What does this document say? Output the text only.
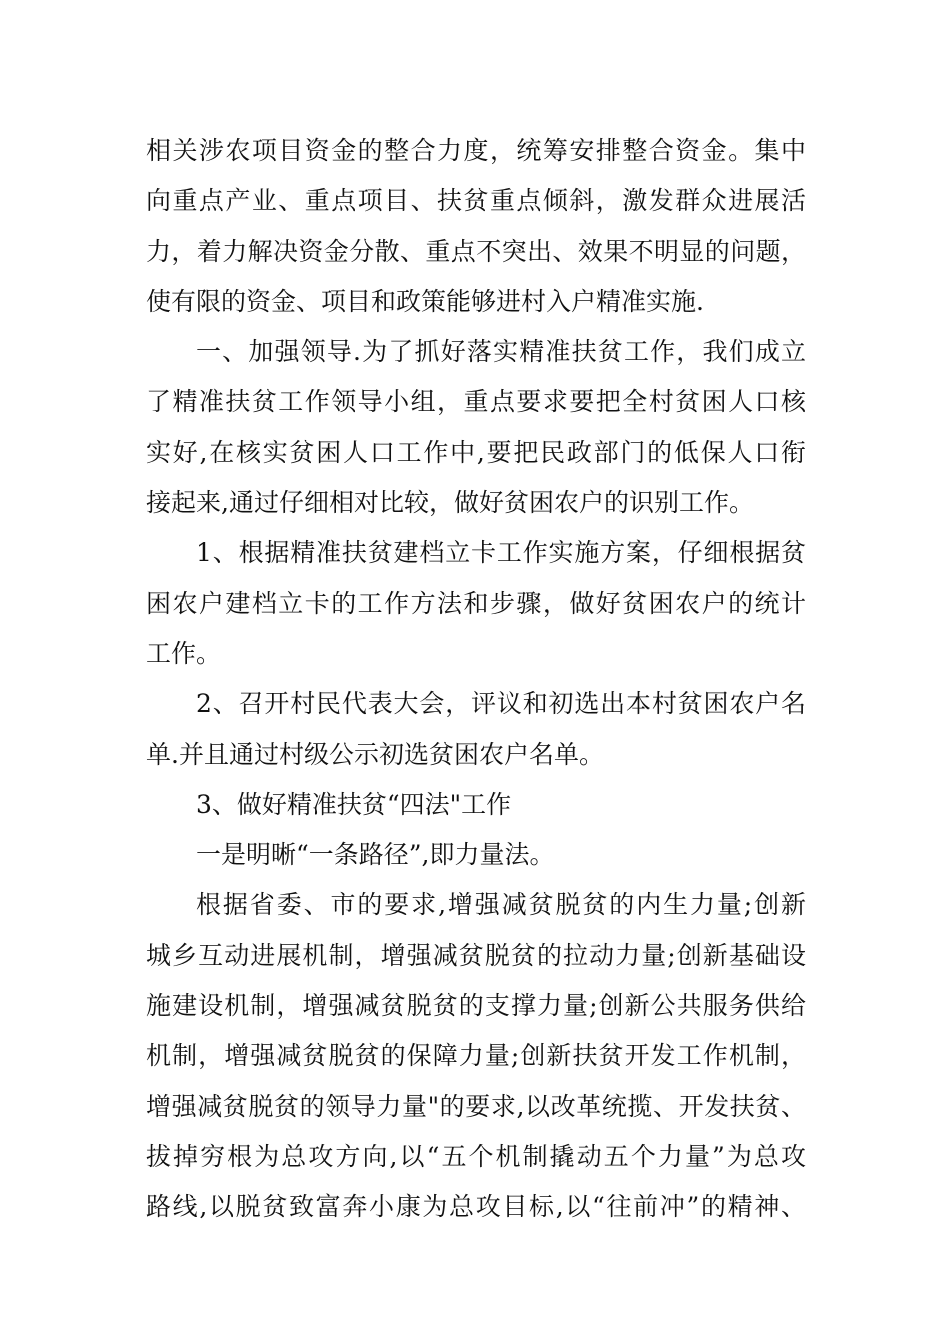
相关涉农项目资金的整合力度，统筹安排整合资金。集中
向重点产业、重点项目、扶贫重点倾斜，激发群众进展活
力，着力解决资金分散、重点不突出、效果不明显的问题，
使有限的资金、项目和政策能够进村入户精准实施.
一、加强领导.为了抓好落实精准扶贫工作，我们成立
了精准扶贫工作领导小组，重点要求要把全村贫困人口核
实好,在核实贫困人口工作中,要把民政部门的低保人口衔
接起来,通过仔细相对比较，做好贫困农户的识别工作。
1、根据精准扶贫建档立卡工作实施方案，仔细根据贫
困农户建档立卡的工作方法和步骤，做好贫困农户的统计
工作。
2、召开村民代表大会，评议和初选出本村贫困农户名
单.并且通过村级公示初选贫困农户名单。
3、做好精准扶贫“四法"工作
一是明晰“一条路径”,即力量法。
根据省委、市的要求,增强减贫脱贫的内生力量;创新
城乡互动进展机制，增强减贫脱贫的拉动力量;创新基础设
施建设机制，增强减贫脱贫的支撑力量;创新公共服务供给
机制，增强减贫脱贫的保障力量;创新扶贫开发工作机制，
增强减贫脱贫的领导力量"的要求,以改革统揽、开发扶贫、
拔掉穷根为总攻方向,以“五个机制撬动五个力量”为总攻
路线,以脱贫致富奔小康为总攻目标,以“往前冲”的精神、
